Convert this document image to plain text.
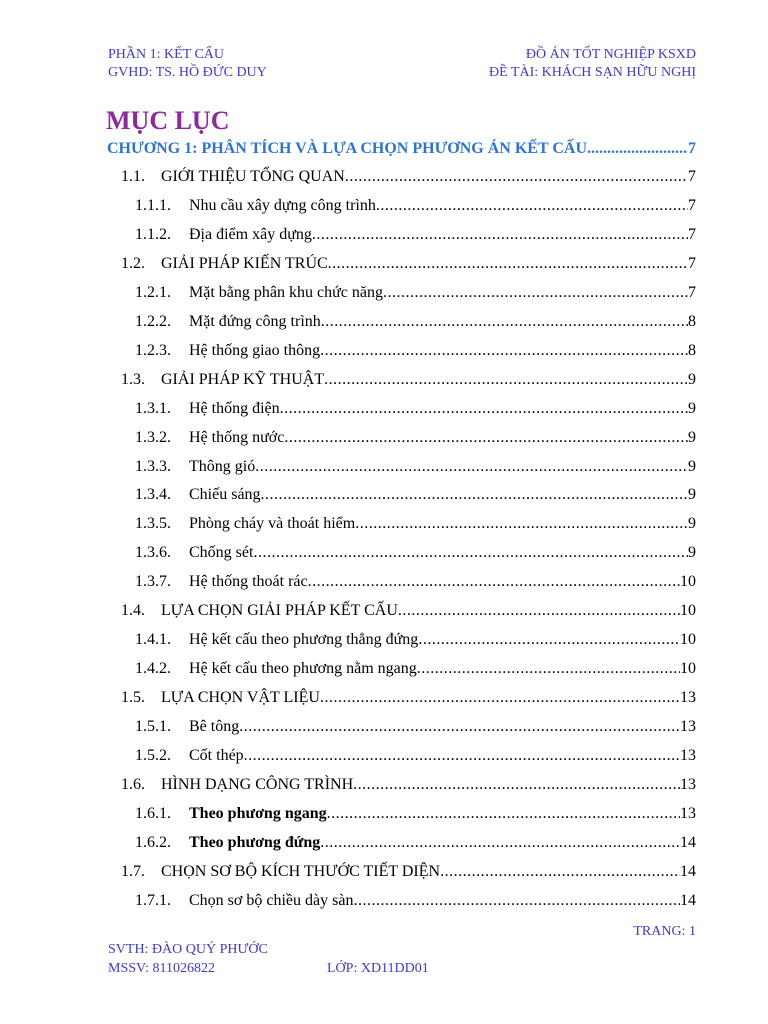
PHẦN 1: KẾT CẤU
GVHD: TS. HỒ ĐỨC DUY
ĐỒ ÁN TỐT NGHIỆP KSXD
ĐỀ TÀI: KHÁCH SẠN HỮU NGHỊ
MỤC LỤC
CHƯƠNG 1: PHÂN TÍCH VÀ LỰA CHỌN PHƯƠNG ÁN KẾT CẤU .....	7
1.1.	GIỚI THIỆU TỔNG QUAN .....	7
1.1.1.	Nhu cầu xây dựng công trình .....	7
1.1.2.	Địa điểm xây dựng .....	7
1.2.	GIẢI PHÁP KIẾN TRÚC .....	7
1.2.1.	Mặt bằng phân khu chức năng .....	7
1.2.2.	Mặt đứng công trình .....	8
1.2.3.	Hệ thống giao thông .....	8
1.3.	GIẢI PHÁP KỸ THUẬT .....	9
1.3.1.	Hệ thống điện .....	9
1.3.2.	Hệ thống nước .....	9
1.3.3.	Thông gió .....	9
1.3.4.	Chiếu sáng .....	9
1.3.5.	Phòng cháy và thoát hiểm .....	9
1.3.6.	Chống sét .....	9
1.3.7.	Hệ thống thoát rác .....	10
1.4.	LỰA CHỌN GIẢI PHÁP KẾT CẤU .....	10
1.4.1.	Hệ kết cấu theo phương thẳng đứng .....	10
1.4.2.	Hệ kết cấu theo phương nằm ngang .....	10
1.5.	LỰA CHỌN VẬT LIỆU .....	13
1.5.1.	Bê tông .....	13
1.5.2.	Cốt thép .....	13
1.6.	HÌNH DẠNG CÔNG TRÌNH .....	13
1.6.1.	Theo phương ngang .....	13
1.6.2.	Theo phương đứng .....	14
1.7.	CHỌN SƠ BỘ KÍCH THƯỚC TIẾT DIỆN .....	14
1.7.1.	Chọn sơ bộ chiều dày sàn .....	14
TRANG: 1
SVTH: ĐÀO QUÝ PHƯỚC
MSSV: 811026822	LỚP: XD11DD01
